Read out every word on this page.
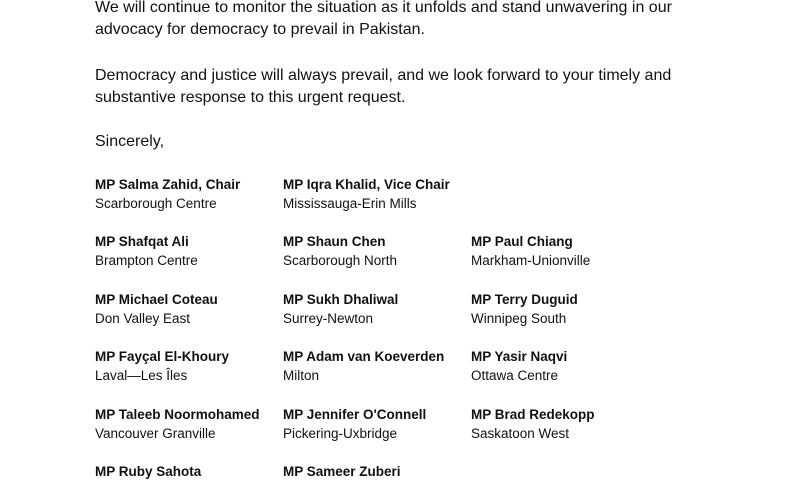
We will continue to monitor the situation as it unfolds and stand unwavering in our advocacy for democracy to prevail in Pakistan.

Democracy and justice will always prevail, and we look forward to your timely and substantive response to this urgent request.

Sincerely,

MP Salma Zahid, Chair
Scarborough Centre
MP Iqra Khalid, Vice Chair
Mississauga-Erin Mills
MP Shafqat Ali
Brampton Centre
MP Shaun Chen
Scarborough North
MP Paul Chiang
Markham-Unionville
MP Michael Coteau
Don Valley East
MP Sukh Dhaliwal
Surrey-Newton
MP Terry Duguid
Winnipeg South
MP Fayçal El-Khoury
Laval—Les Îles
MP Adam van Koeverden
Milton
MP Yasir Naqvi
Ottawa Centre
MP Taleeb Noormohamed
Vancouver Granville
MP Jennifer O'Connell
Pickering-Uxbridge
MP Brad Redekopp
Saskatoon West
MP Ruby Sahota	MP Sameer Zuberi
